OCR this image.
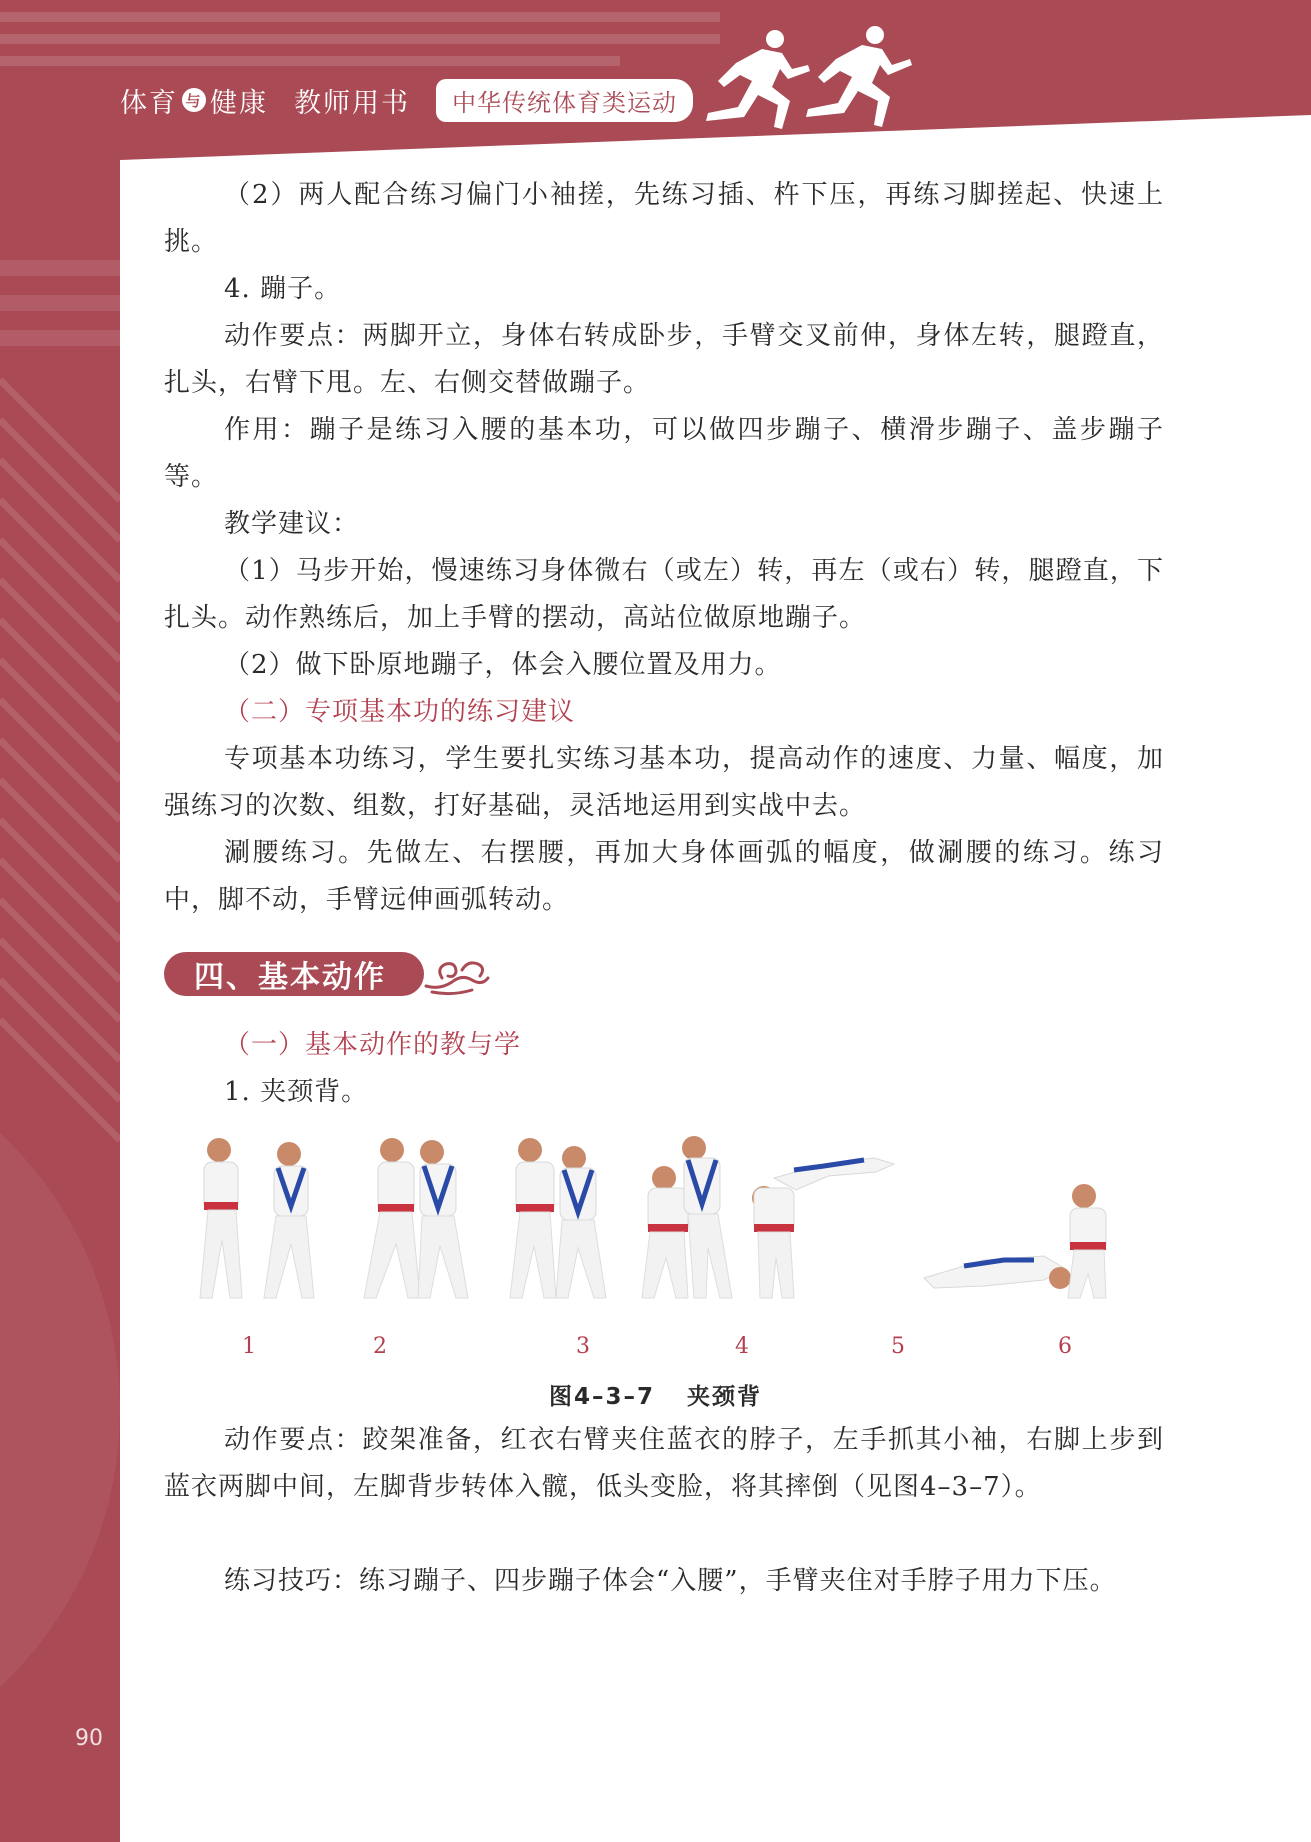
体育 与 健康 教师用书	中华传统体育类运动
90

（2）两人配合练习偏门小袖搓，先练习插、杵下压，再练习脚搓起、快速上挑。

4. 蹦子。

动作要点：两脚开立，身体右转成卧步，手臂交叉前伸，身体左转，腿蹬直，扎头，右臂下甩。左、右侧交替做蹦子。

作用：蹦子是练习入腰的基本功，可以做四步蹦子、横滑步蹦子、盖步蹦子等。

教学建议：

（1）马步开始，慢速练习身体微右（或左）转，再左（或右）转，腿蹬直，下扎头。动作熟练后，加上手臂的摆动，高站位做原地蹦子。

（2）做下卧原地蹦子，体会入腰位置及用力。

（二）专项基本功的练习建议

专项基本功练习，学生要扎实练习基本功，提高动作的速度、力量、幅度，加强练习的次数、组数，打好基础，灵活地运用到实战中去。

涮腰练习。先做左、右摆腰，再加大身体画弧的幅度，做涮腰的练习。练习中，脚不动，手臂远伸画弧转动。

（一）基本动作的教与学

1. 夹颈背。

动作要点：跤架准备，红衣右臂夹住蓝衣的脖子，左手抓其小袖，右脚上步到蓝衣两脚中间，左脚背步转体入髋，低头变脸，将其摔倒（见图4–3–7）。

练习技巧：练习蹦子、四步蹦子体会“入腰”，手臂夹住对手脖子用力下压。

四、基本动作
1	2	3	4	5	6
图4–3–7 夹颈背
